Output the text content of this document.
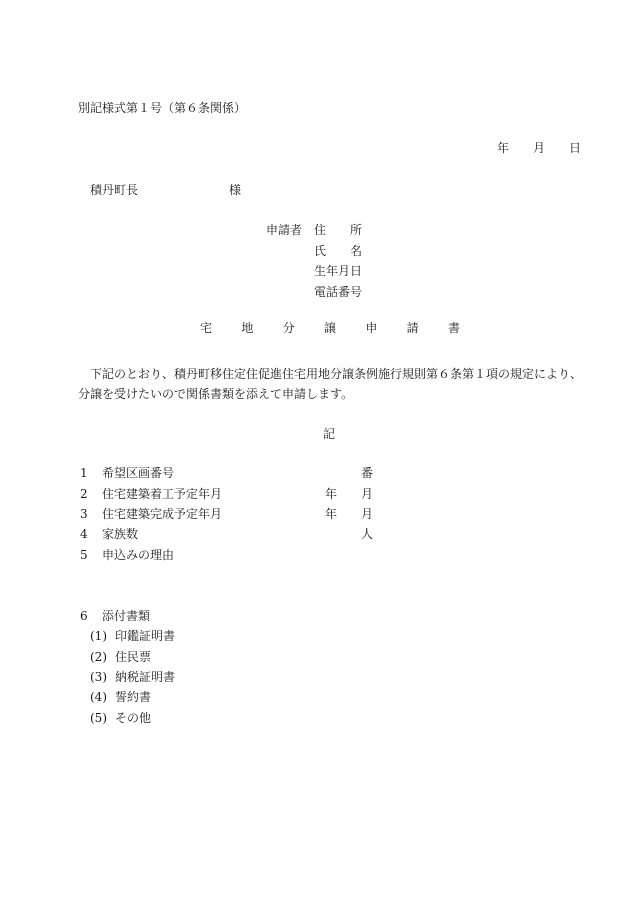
別記様式第１号（第６条関係）
年 月 日
積丹町長	様
申請者 住　　所
氏　　名
生年月日
電話番号
宅 地 分 譲 申 請 書
下記のとおり、積丹町移住定住促進住宅用地分譲条例施行規則第６条第１項の規定により、分譲を受けたいので関係書類を添えて申請します。
記
1 希望区画番号	番
2 住宅建築着工予定年月	年 月
3 住宅建築完成予定年月	年 月
4 家族数	人
5 申込みの理由
6 添付書類
(1) 印鑑証明書
(2) 住民票
(3) 納税証明書
(4) 誓約書
(5) その他
